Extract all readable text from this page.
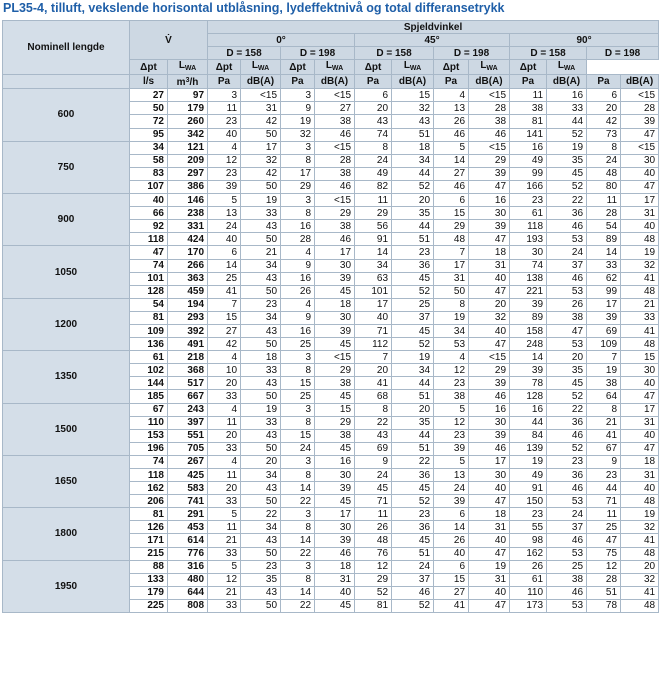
PL35-4, tilluft, vekslende horisontal utblåsning, lydeffektnivå og total differansetrykk
Nominell lengde	V̇		Spjeldvinkel											
			0°				45°				90°			
			D = 158		D = 198		D = 158		D = 198		D = 158		D = 198	
	Δpt	$L_{WA}$	Δpt	$L_{WA}$	Δpt	$L_{WA}$	Δpt	$L_{WA}$	Δpt	$L_{WA}$	Δpt	$L_{WA}$
	l/s	$m^3/h$	Pa	dB(A)	Pa	dB(A)	Pa	dB(A)	Pa	dB(A)	Pa	dB(A)	Pa	dB(A)
600	27	97	3	<15	3	<15	6	15	4	<15	11	16	6	<15
	50	179	11	31	9	27	20	32	13	28	38	33	20	28
	72	260	23	42	19	38	43	43	26	38	81	44	42	39
	95	342	40	50	32	46	74	51	46	46	141	52	73	47
750	34	121	4	17	3	<15	8	18	5	<15	16	19	8	<15
	58	209	12	32	8	28	24	34	14	29	49	35	24	30
	83	297	23	42	17	38	49	44	27	39	99	45	48	40
	107	386	39	50	29	46	82	52	46	47	166	52	80	47
900	40	146	5	19	3	<15	11	20	6	16	23	22	11	17
	66	238	13	33	8	29	29	35	15	30	61	36	28	31
	92	331	24	43	16	38	56	44	29	39	118	46	54	40
	118	424	40	50	28	46	91	51	48	47	193	53	89	48
1050	47	170	6	21	4	17	14	23	7	18	30	24	14	19
	74	266	14	34	9	30	34	36	17	31	74	37	33	32
	101	363	25	43	16	39	63	45	31	40	138	46	62	41
	128	459	41	50	26	45	101	52	50	47	221	53	99	48
1200	54	194	7	23	4	18	17	25	8	20	39	26	17	21
	81	293	15	34	9	30	40	37	19	32	89	38	39	33
	109	392	27	43	16	39	71	45	34	40	158	47	69	41
	136	491	42	50	25	45	112	52	53	47	248	53	109	48
1350	61	218	4	18	3	<15	7	19	4	<15	14	20	7	15
	102	368	10	33	8	29	20	34	12	29	39	35	19	30
	144	517	20	43	15	38	41	44	23	39	78	45	38	40
	185	667	33	50	25	45	68	51	38	46	128	52	64	47
1500	67	243	4	19	3	15	8	20	5	16	16	22	8	17
	110	397	11	33	8	29	22	35	12	30	44	36	21	31
	153	551	20	43	15	38	43	44	23	39	84	46	41	40
	196	705	33	50	24	45	69	51	39	46	139	52	67	47
1650	74	267	4	20	3	16	9	22	5	17	19	23	9	18
	118	425	11	34	8	30	24	36	13	30	49	36	23	31
	162	583	20	43	14	39	45	45	24	40	91	46	44	40
	206	741	33	50	22	45	71	52	39	47	150	53	71	48
1800	81	291	5	22	3	17	11	23	6	18	23	24	11	19
	126	453	11	34	8	30	26	36	14	31	55	37	25	32
	171	614	21	43	14	39	48	45	26	40	98	46	47	41
	215	776	33	50	22	46	76	51	40	47	162	53	75	48
1950	88	316	5	23	3	18	12	24	6	19	26	25	12	20
	133	480	12	35	8	31	29	37	15	31	61	38	28	32
	179	644	21	43	14	40	52	46	27	40	110	46	51	41
	225	808	33	50	22	45	81	52	41	47	173	53	78	48
